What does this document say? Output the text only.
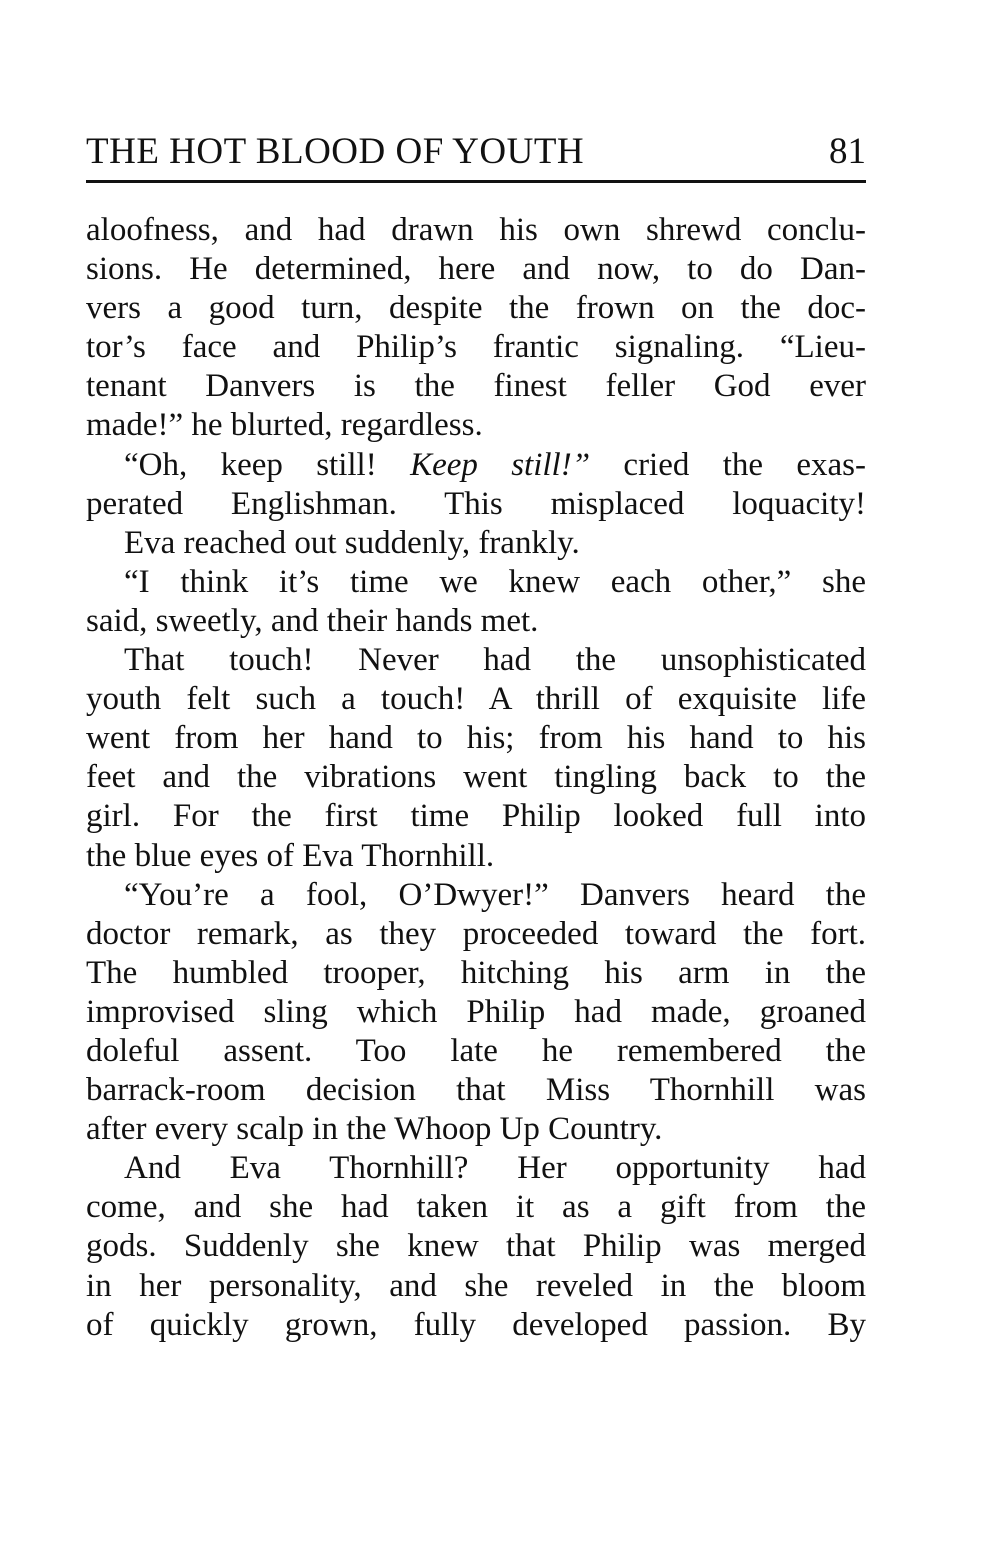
THE HOT BLOOD OF YOUTH	81
aloofness, and had drawn his own shrewd conclu-
sions. He determined, here and now, to do Dan-
vers a good turn, despite the frown on the doc-
tor’s face and Philip’s frantic signaling. “Lieu-
tenant Danvers is the finest feller God ever
made!” he blurted, regardless.
“Oh, keep still! Keep still!” cried the exas-
perated Englishman. This misplaced loquacity!
Eva reached out suddenly, frankly.
“I think it’s time we knew each other,” she
said, sweetly, and their hands met.
That touch! Never had the unsophisticated
youth felt such a touch! A thrill of exquisite life
went from her hand to his; from his hand to his
feet and the vibrations went tingling back to the
girl. For the first time Philip looked full into
the blue eyes of Eva Thornhill.
“You’re a fool, O’Dwyer!” Danvers heard the
doctor remark, as they proceeded toward the fort.
The humbled trooper, hitching his arm in the
improvised sling which Philip had made, groaned
doleful assent. Too late he remembered the
barrack-room decision that Miss Thornhill was
after every scalp in the Whoop Up Country.
And Eva Thornhill? Her opportunity had
come, and she had taken it as a gift from the
gods. Suddenly she knew that Philip was merged
in her personality, and she reveled in the bloom
of quickly grown, fully developed passion. By
